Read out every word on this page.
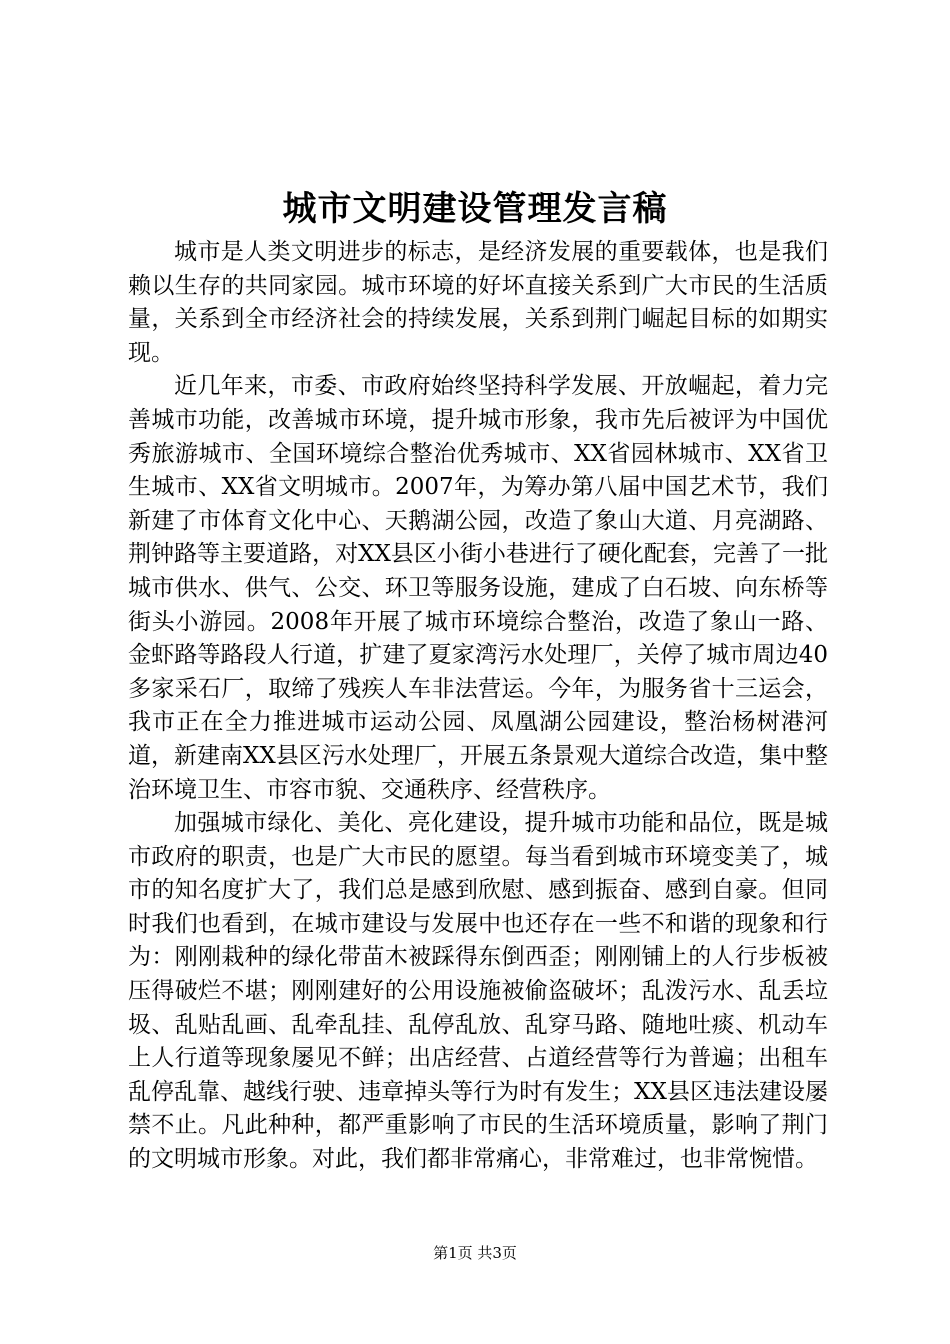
城市文明建设管理发言稿

城市是人类文明进步的标志，是经济发展的重要载体，也是我们赖以生存的共同家园。城市环境的好坏直接关系到广大市民的生活质量，关系到全市经济社会的持续发展，关系到荆门崛起目标的如期实现。

近几年来，市委、市政府始终坚持科学发展、开放崛起，着力完善城市功能，改善城市环境，提升城市形象，我市先后被评为中国优秀旅游城市、全国环境综合整治优秀城市、XX省园林城市、XX省卫生城市、XX省文明城市。2007年，为筹办第八届中国艺术节，我们新建了市体育文化中心、天鹅湖公园，改造了象山大道、月亮湖路、荆钟路等主要道路，对XX县区小街小巷进行了硬化配套，完善了一批城市供水、供气、公交、环卫等服务设施，建成了白石坡、向东桥等街头小游园。2008年开展了城市环境综合整治，改造了象山一路、金虾路等路段人行道，扩建了夏家湾污水处理厂，关停了城市周边40多家采石厂，取缔了残疾人车非法营运。今年，为服务省十三运会，我市正在全力推进城市运动公园、凤凰湖公园建设，整治杨树港河道，新建南XX县区污水处理厂，开展五条景观大道综合改造，集中整治环境卫生、市容市貌、交通秩序、经营秩序。

加强城市绿化、美化、亮化建设，提升城市功能和品位，既是城市政府的职责，也是广大市民的愿望。每当看到城市环境变美了，城市的知名度扩大了，我们总是感到欣慰、感到振奋、感到自豪。但同时我们也看到，在城市建设与发展中也还存在一些不和谐的现象和行为：刚刚栽种的绿化带苗木被踩得东倒西歪；刚刚铺上的人行步板被压得破烂不堪；刚刚建好的公用设施被偷盗破坏；乱泼污水、乱丢垃圾、乱贴乱画、乱牵乱挂、乱停乱放、乱穿马路、随地吐痰、机动车上人行道等现象屡见不鲜；出店经营、占道经营等行为普遍；出租车乱停乱靠、越线行驶、违章掉头等行为时有发生；XX县区违法建设屡禁不止。凡此种种，都严重影响了市民的生活环境质量，影响了荆门的文明城市形象。对此，我们都非常痛心，非常难过，也非常惋惜。

第1页 共3页
